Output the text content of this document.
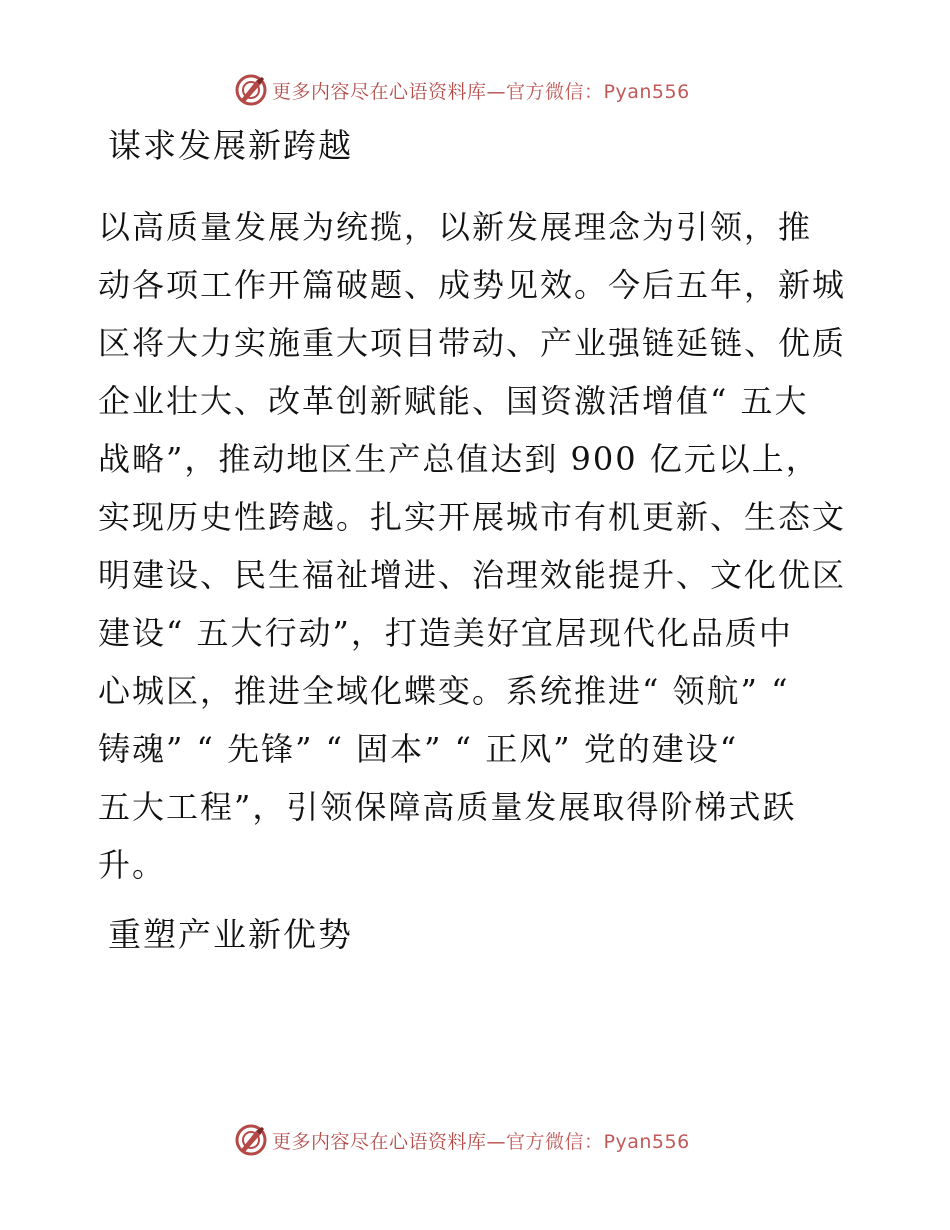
更多内容尽在心语资料库—官方微信：Pyan556
谋求发展新跨越
以高质量发展为统揽，以新发展理念为引领，推
动各项工作开篇破题、成势见效。今后五年，新城
区将大力实施重大项目带动、产业强链延链、优质
企业壮大、改革创新赋能、国资激活增值“ 五大
战略”，推动地区生产总值达到 900 亿元以上，
实现历史性跨越。扎实开展城市有机更新、生态文
明建设、民生福祉增进、治理效能提升、文化优区
建设“ 五大行动”，打造美好宜居现代化品质中
心城区，推进全域化蝶变。系统推进“ 领航” “
铸魂” “ 先锋” “ 固本” “ 正风” 党的建设“
五大工程”，引领保障高质量发展取得阶梯式跃
升。
重塑产业新优势
更多内容尽在心语资料库—官方微信：Pyan556
